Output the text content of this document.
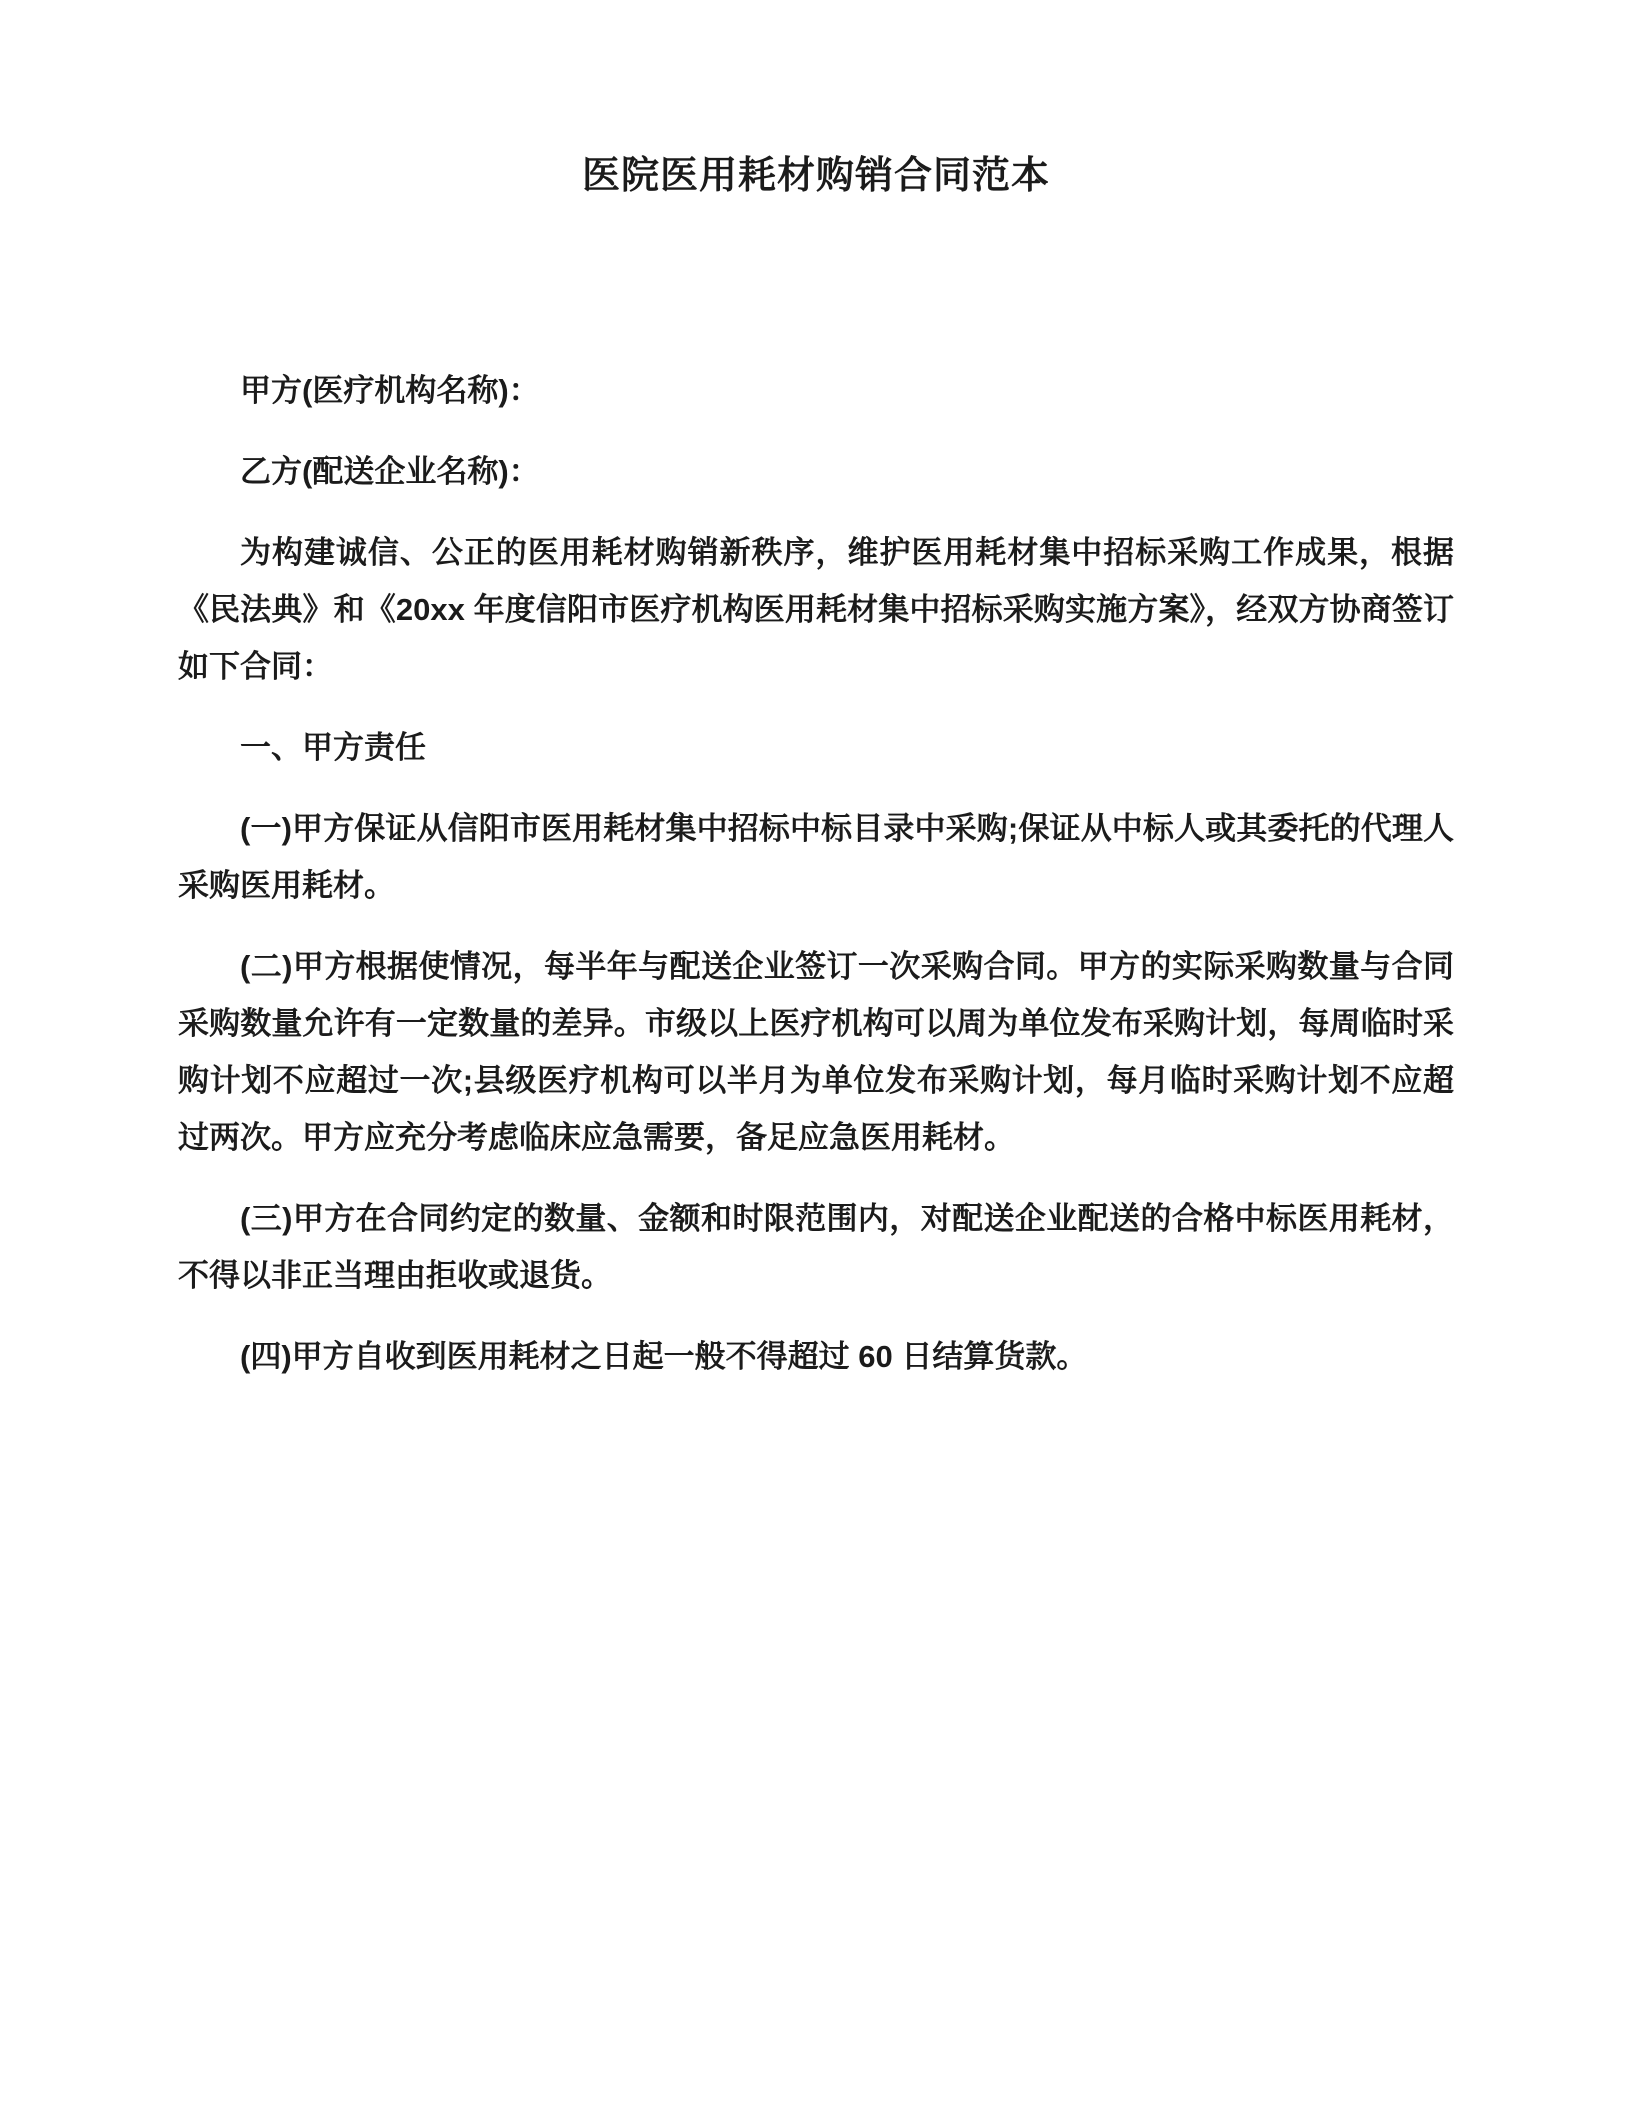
医院医用耗材购销合同范本

甲方(医疗机构名称)：

乙方(配送企业名称)：

为构建诚信、公正的医用耗材购销新秩序，维护医用耗材集中招标采购工作成果，根据《民法典》和《20xx 年度信阳市医疗机构医用耗材集中招标采购实施方案》，经双方协商签订如下合同：

一、甲方责任

(一)甲方保证从信阳市医用耗材集中招标中标目录中采购;保证从中标人或其委托的代理人采购医用耗材。

(二)甲方根据使情况，每半年与配送企业签订一次采购合同。甲方的实际采购数量与合同采购数量允许有一定数量的差异。市级以上医疗机构可以周为单位发布采购计划，每周临时采购计划不应超过一次;县级医疗机构可以半月为单位发布采购计划，每月临时采购计划不应超过两次。甲方应充分考虑临床应急需要，备足应急医用耗材。

(三)甲方在合同约定的数量、金额和时限范围内，对配送企业配送的合格中标医用耗材，不得以非正当理由拒收或退货。

(四)甲方自收到医用耗材之日起一般不得超过 60 日结算货款。
